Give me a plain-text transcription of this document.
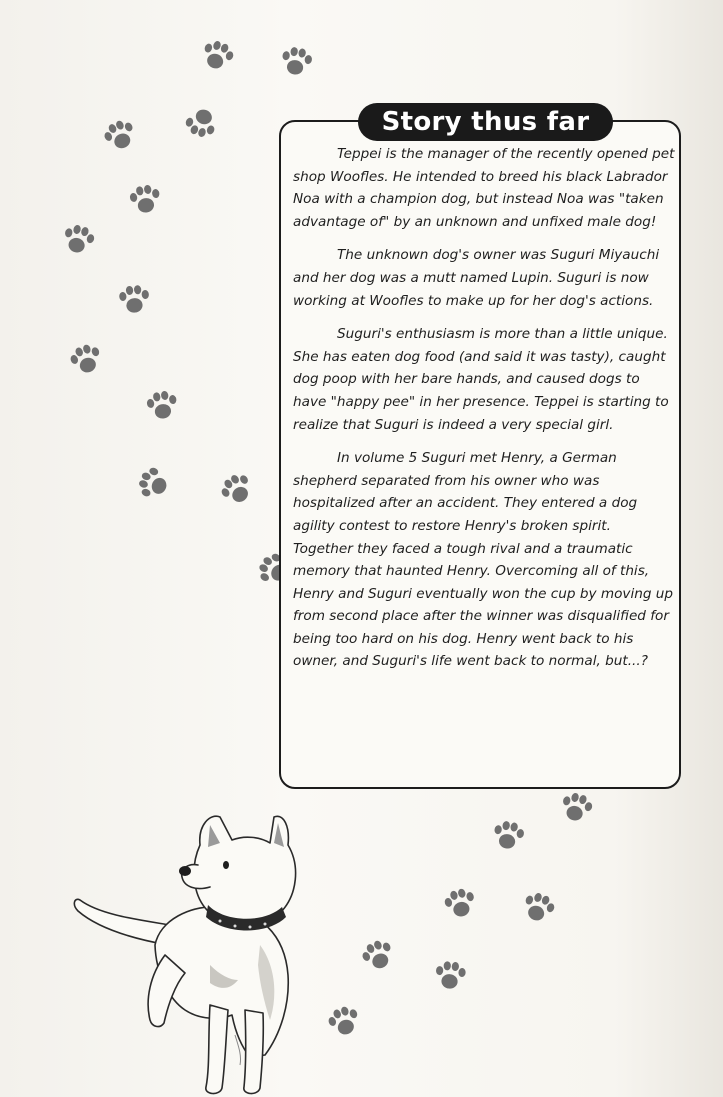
Story thus far

Teppei is the manager of the recently opened pet shop Woofles. He intended to breed his black Labrador Noa with a champion dog, but instead Noa was "taken advantage of" by an unknown and unfixed male dog!

The unknown dog's owner was Suguri Miyauchi and her dog was a mutt named Lupin. Suguri is now working at Woofles to make up for her dog's actions.

Suguri's enthusiasm is more than a little unique. She has eaten dog food (and said it was tasty), caught dog poop with her bare hands, and caused dogs to have "happy pee" in her presence. Teppei is starting to realize that Suguri is indeed a very special girl.

In volume 5 Suguri met Henry, a German shepherd separated from his owner who was hospitalized after an accident. They entered a dog agility contest to restore Henry's broken spirit. Together they faced a tough rival and a traumatic memory that haunted Henry. Overcoming all of this, Henry and Suguri eventually won the cup by moving up from second place after the winner was disqualified for being too hard on his dog. Henry went back to his owner, and Suguri's life went back to normal, but...?
